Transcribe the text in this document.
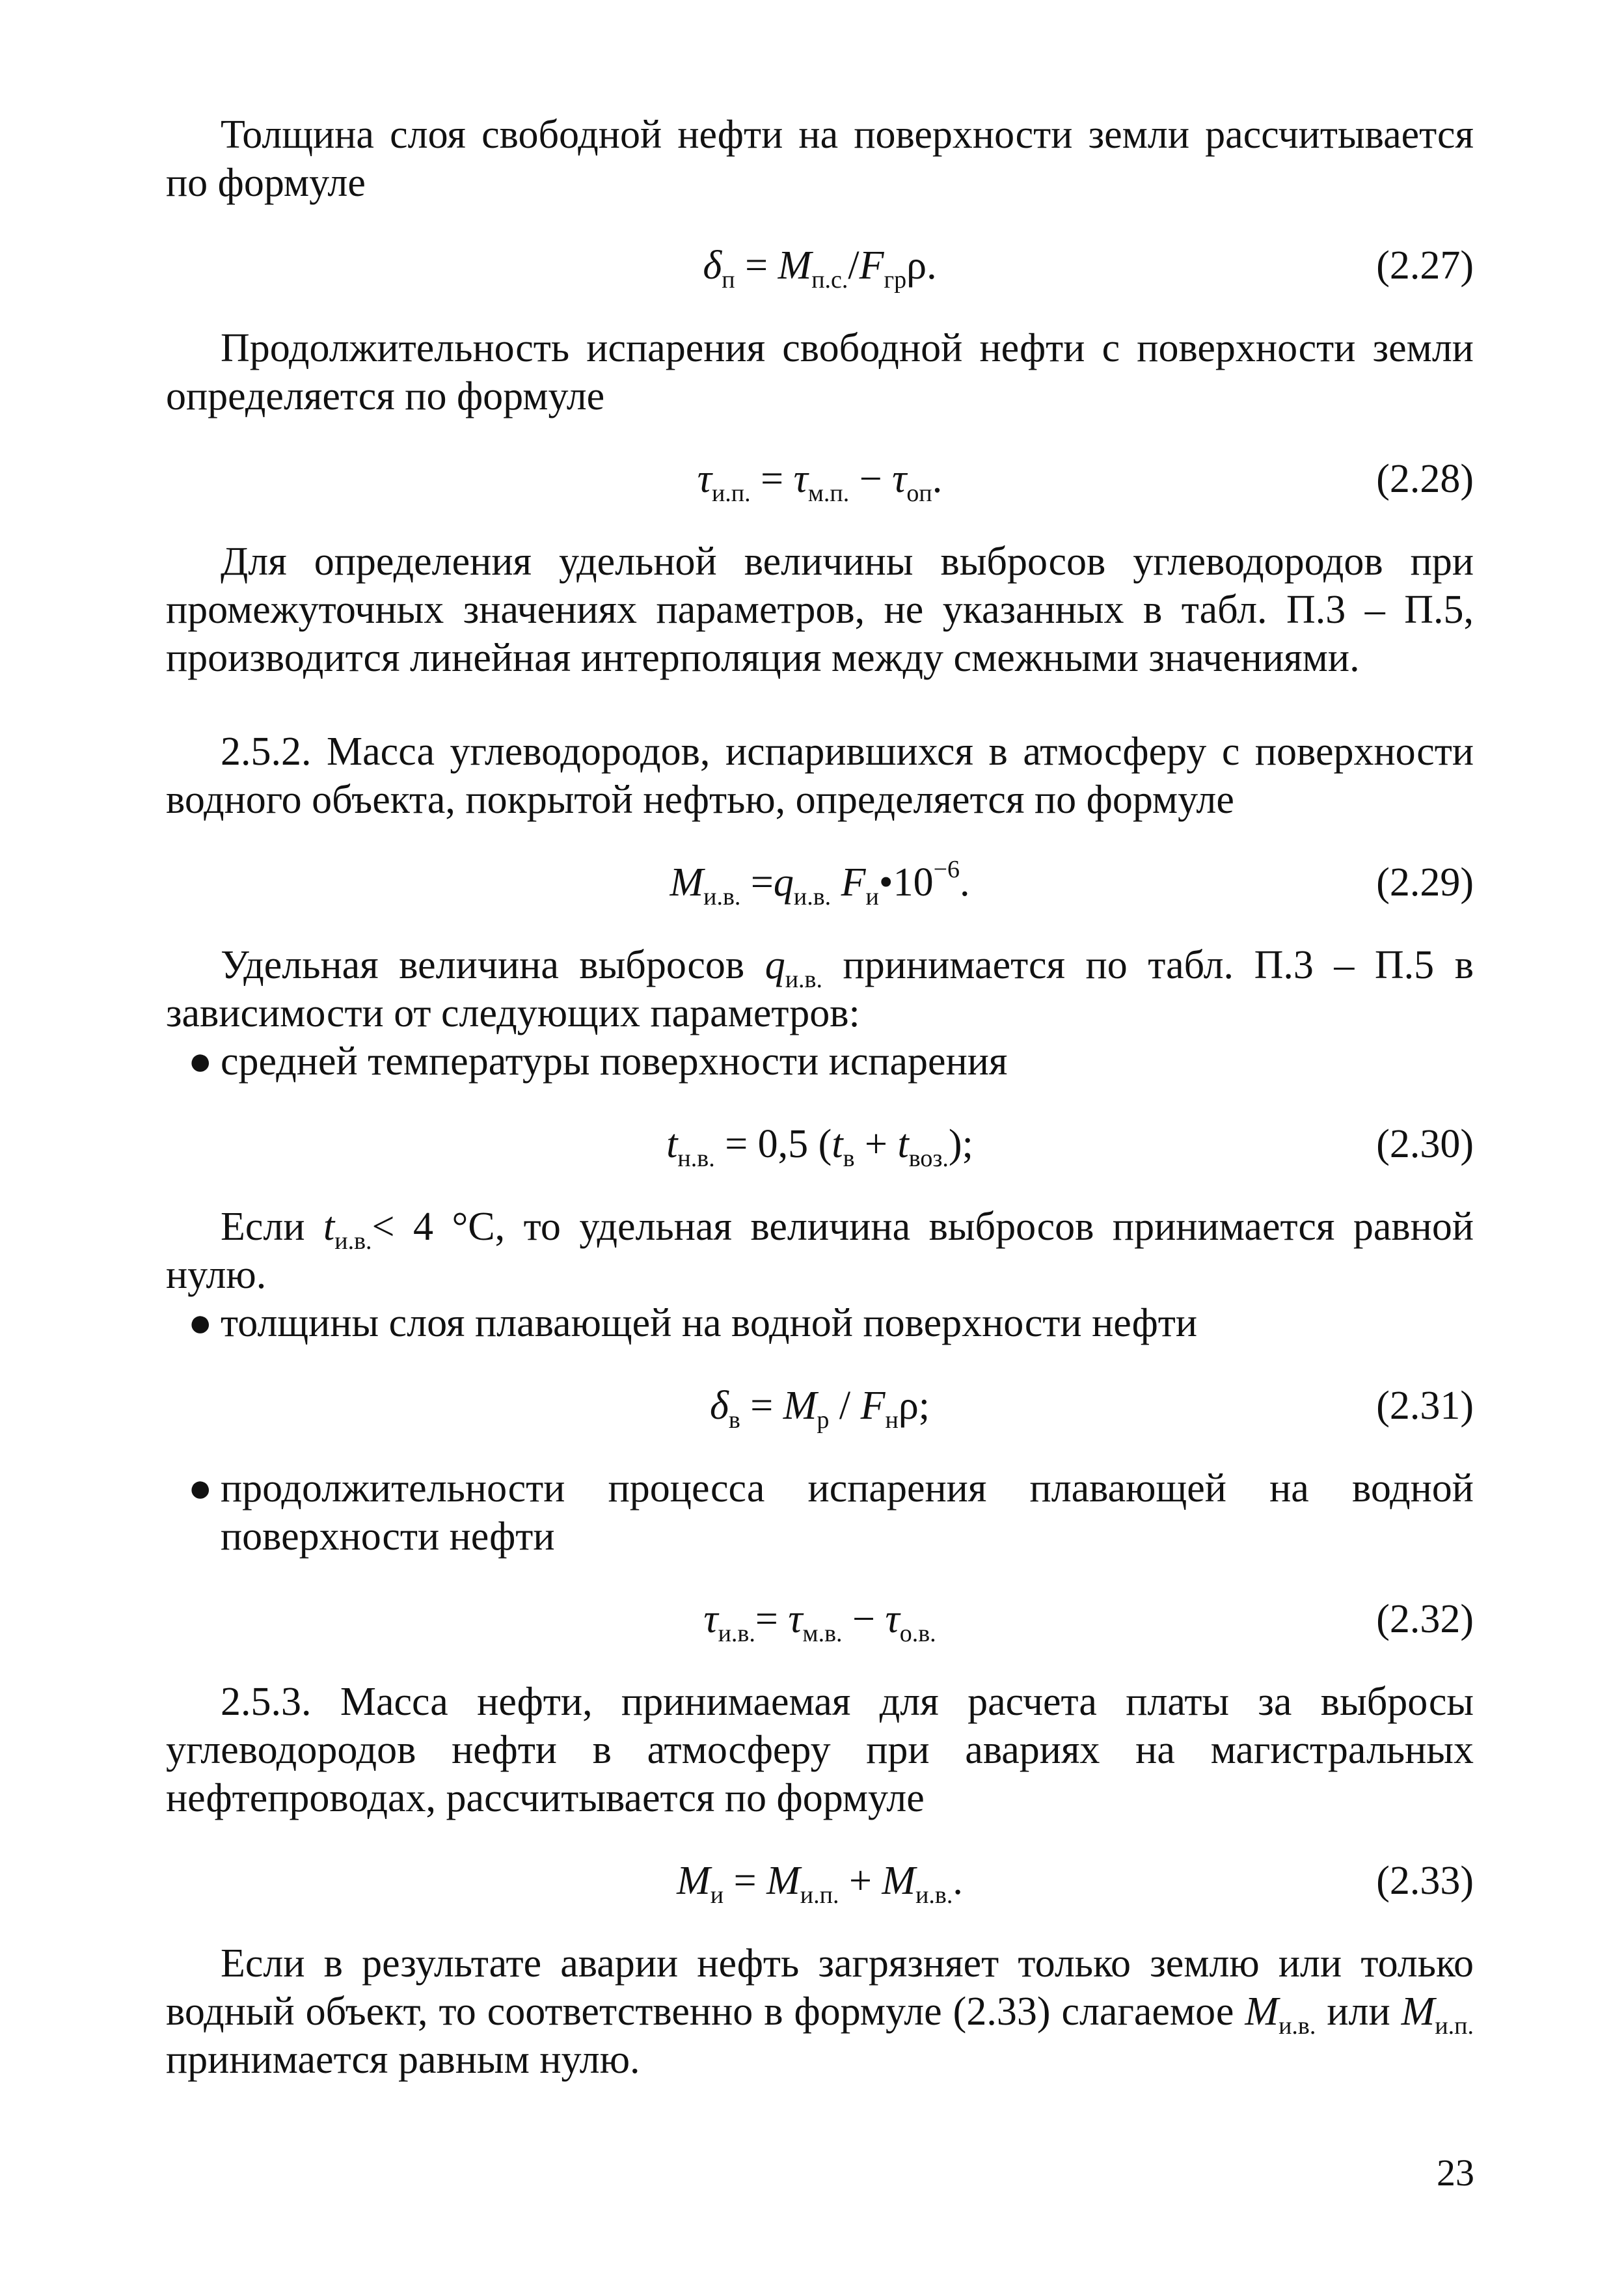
Толщина слоя свободной нефти на поверхности земли рассчитывается по формуле

$\delta_п = M_{п.с.}/F_{гр}\rho$.	(2.27)

Продолжительность испарения свободной нефти с поверхности земли определяется по формуле

$\tau_{и.п.} = \tau_{м.п.} - \tau_{оп}$.	(2.28)

Для определения удельной величины выбросов углеводородов при промежуточных значениях параметров, не указанных в табл. П.3 – П.5, производится линейная интерполяция между смежными значениями.

2.5.2. Масса углеводородов, испарившихся в атмосферу с поверхности водного объекта, покрытой нефтью, определяется по формуле

$M_{и.в.} =q_{и.в.}$ $F_и•10^{-6}$.	(2.29)

Удельная величина выбросов $q_{и.в.}$ принимается по табл. П.3 – П.5 в зависимости от следующих параметров:

● средней температуры поверхности испарения

$t_{н.в.} = 0,5$ $(t_в + t_{воз.})$;	(2.30)

Если $t_{и.в.}< 4$ °С, то удельная величина выбросов принимается равной нулю.

● толщины слоя плавающей на водной поверхности нефти

$\delta_в = M_р / F_н\rho$;	(2.31)

● продолжительности процесса испарения плавающей на водной поверхности нефти

$\tau_{и.в.}= \tau_{м.в.} - \tau_{о.в.}$	(2.32)

2.5.3. Масса нефти, принимаемая для расчета платы за выбросы углеводородов нефти в атмосферу при авариях на магистральных нефтепроводах, рассчитывается по формуле

$M_и = M_{и.п.} + M_{и.в.}$.	(2.33)

Если в результате аварии нефть загрязняет только землю или только водный объект, то соответственно в формуле (2.33) слагаемое $M_{и.в.}$ или $M_{и.п.}$ принимается равным нулю.

23
